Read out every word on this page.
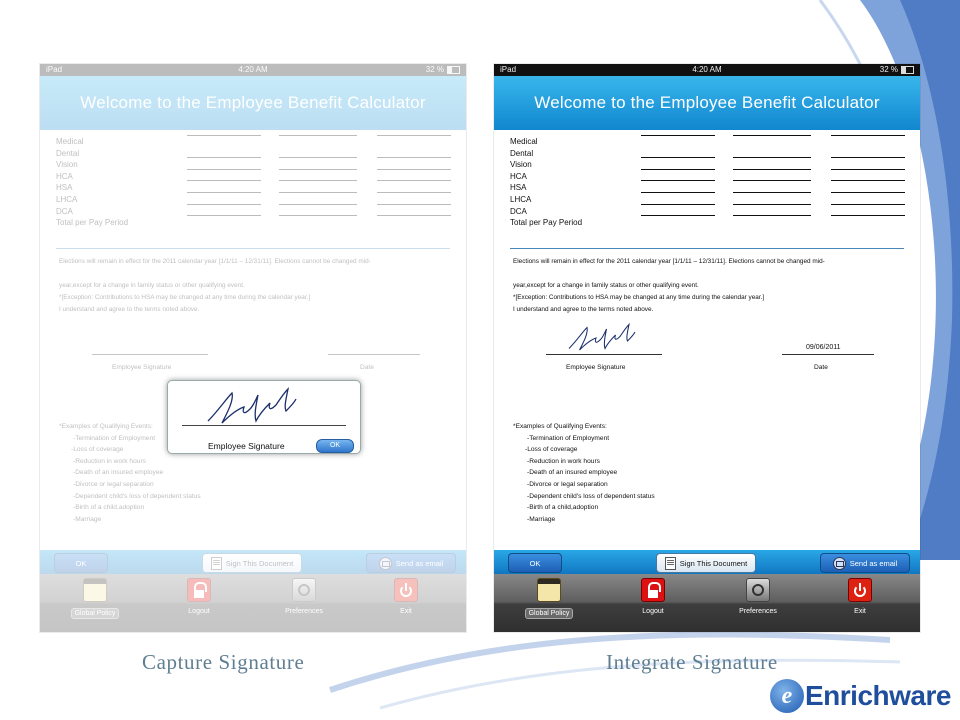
Employee Signature	OK
iPad	4:20 AM	32 %
Welcome to the Employee Benefit Calculator
Medical
Dental
Vision
HCA
HSA
LHCA
DCA
Total per Pay Period
Elections will remain in effect for the 2011 calendar year [1/1/11 – 12/31/11]. Elections cannot be changed mid-
year,except for a change in family status or other qualifying event.
*[Exception: Contributions to HSA may be changed at any time during the calendar year.]
I understand and agree to the terms noted above.
09/06/2011
Employee Signature	Date
*Examples of Qualifying Events:
-Termination of Employment
-Loss of coverage
-Reduction in work hours
-Death of an insured employee
-Divorce or legal separation
-Dependent child's loss of dependent status
-Birth of a child,adoption
-Marriage
OK	Sign This Document	Send as email
Global Policy	Logout	Preferences	Exit
Capture Signature	Integrate Signature
e Enrichware
